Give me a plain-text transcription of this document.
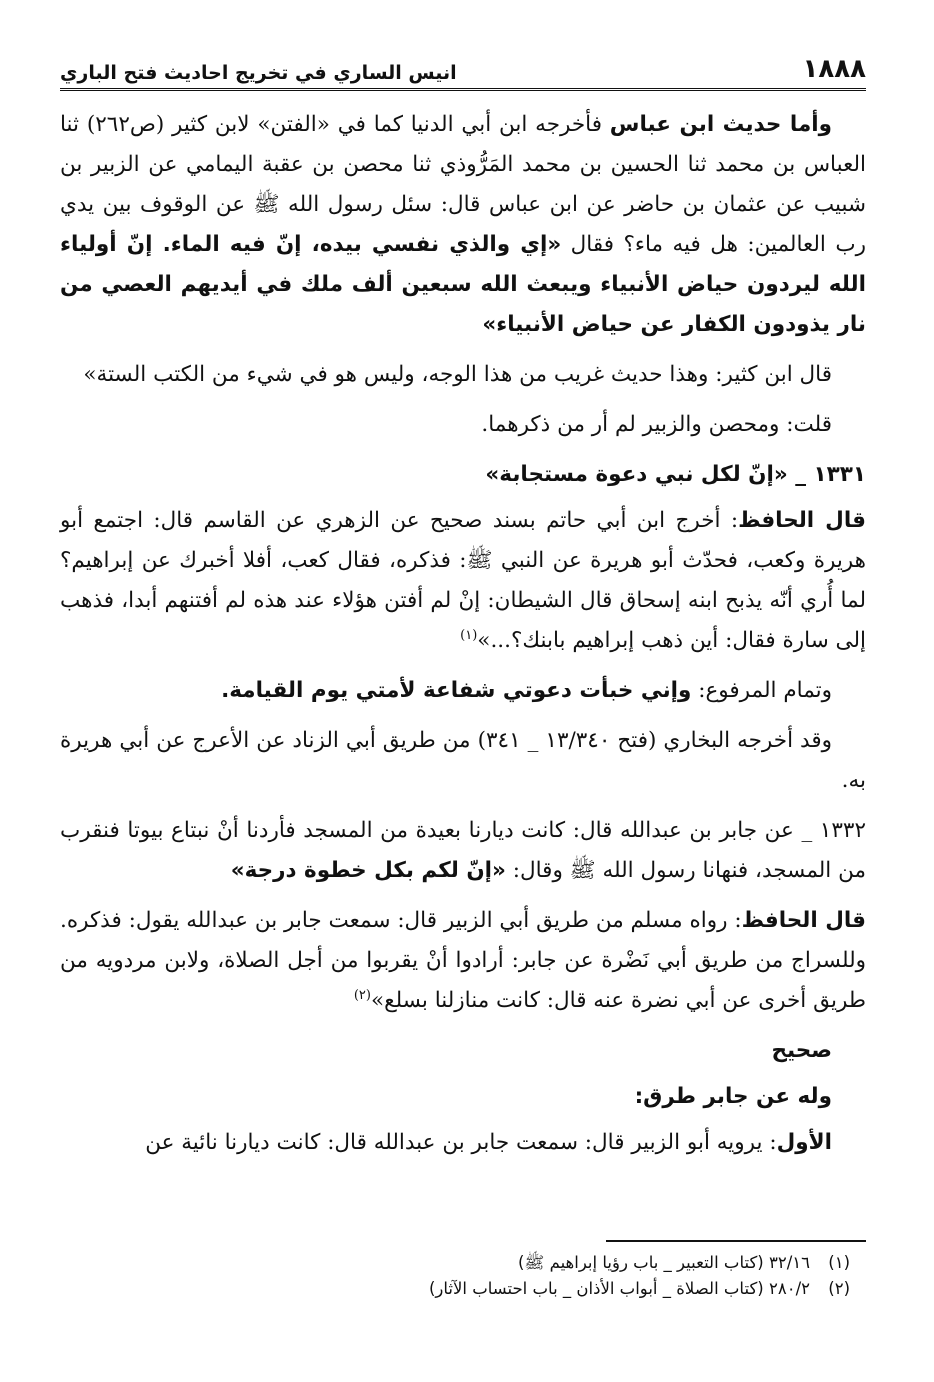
١٨٨٨
انيس الساري في تخريج احاديث فتح الباري

وأما حديث ابن عباس فأخرجه ابن أبي الدنيا كما في «الفتن» لابن كثير (ص٢٦٢) ثنا العباس بن محمد ثنا الحسين بن محمد المَرُّوذي ثنا محصن بن عقبة اليمامي عن الزبير بن شبيب عن عثمان بن حاضر عن ابن عباس قال: سئل رسول الله ﷺ عن الوقوف بين يدي رب العالمين: هل فيه ماء؟ فقال «إي والذي نفسي بيده، إنّ فيه الماء. إنّ أولياء الله ليردون حياض الأنبياء ويبعث الله سبعين ألف ملك في أيديهم العصي من نار يذودون الكفار عن حياض الأنبياء»

قال ابن كثير: وهذا حديث غريب من هذا الوجه، وليس هو في شيء من الكتب الستة»

قلت: ومحصن والزبير لم أر من ذكرهما.

١٣٣١ _ «إنّ لكل نبي دعوة مستجابة»

قال الحافظ: أخرج ابن أبي حاتم بسند صحيح عن الزهري عن القاسم قال: اجتمع أبو هريرة وكعب، فحدّث أبو هريرة عن النبي ﷺ: فذكره، فقال كعب، أفلا أخبرك عن إبراهيم؟ لما أُري أنّه يذبح ابنه إسحاق قال الشيطان: إنْ لم أفتن هؤلاء عند هذه لم أفتنهم أبدا، فذهب إلى سارة فقال: أين ذهب إبراهيم بابنك؟...»$^{(١)}$

وتمام المرفوع: وإني خبأت دعوتي شفاعة لأمتي يوم القيامة.

وقد أخرجه البخاري (فتح ١٣/٣٤٠ _ ٣٤١) من طريق أبي الزناد عن الأعرج عن أبي هريرة به.

١٣٣٢ _ عن جابر بن عبدالله قال: كانت ديارنا بعيدة من المسجد فأردنا أنْ نبتاع بيوتا فنقرب من المسجد، فنهانا رسول الله ﷺ وقال: «إنّ لكم بكل خطوة درجة»

قال الحافظ: رواه مسلم من طريق أبي الزبير قال: سمعت جابر بن عبدالله يقول: فذكره. وللسراج من طريق أبي نَضْرة عن جابر: أرادوا أنْ يقربوا من أجل الصلاة، ولابن مردويه من طريق أخرى عن أبي نضرة عنه قال: كانت منازلنا بسلع»$^{(٢)}$

صحيح
وله عن جابر طرق:

الأول: يرويه أبو الزبير قال: سمعت جابر بن عبدالله قال: كانت ديارنا نائية عن

(١)٣٢/١٦ (كتاب التعبير _ باب رؤيا إبراهيم ﷺ)
(٢)٢٨٠/٢ (كتاب الصلاة _ أبواب الأذان _ باب احتساب الآثار)
